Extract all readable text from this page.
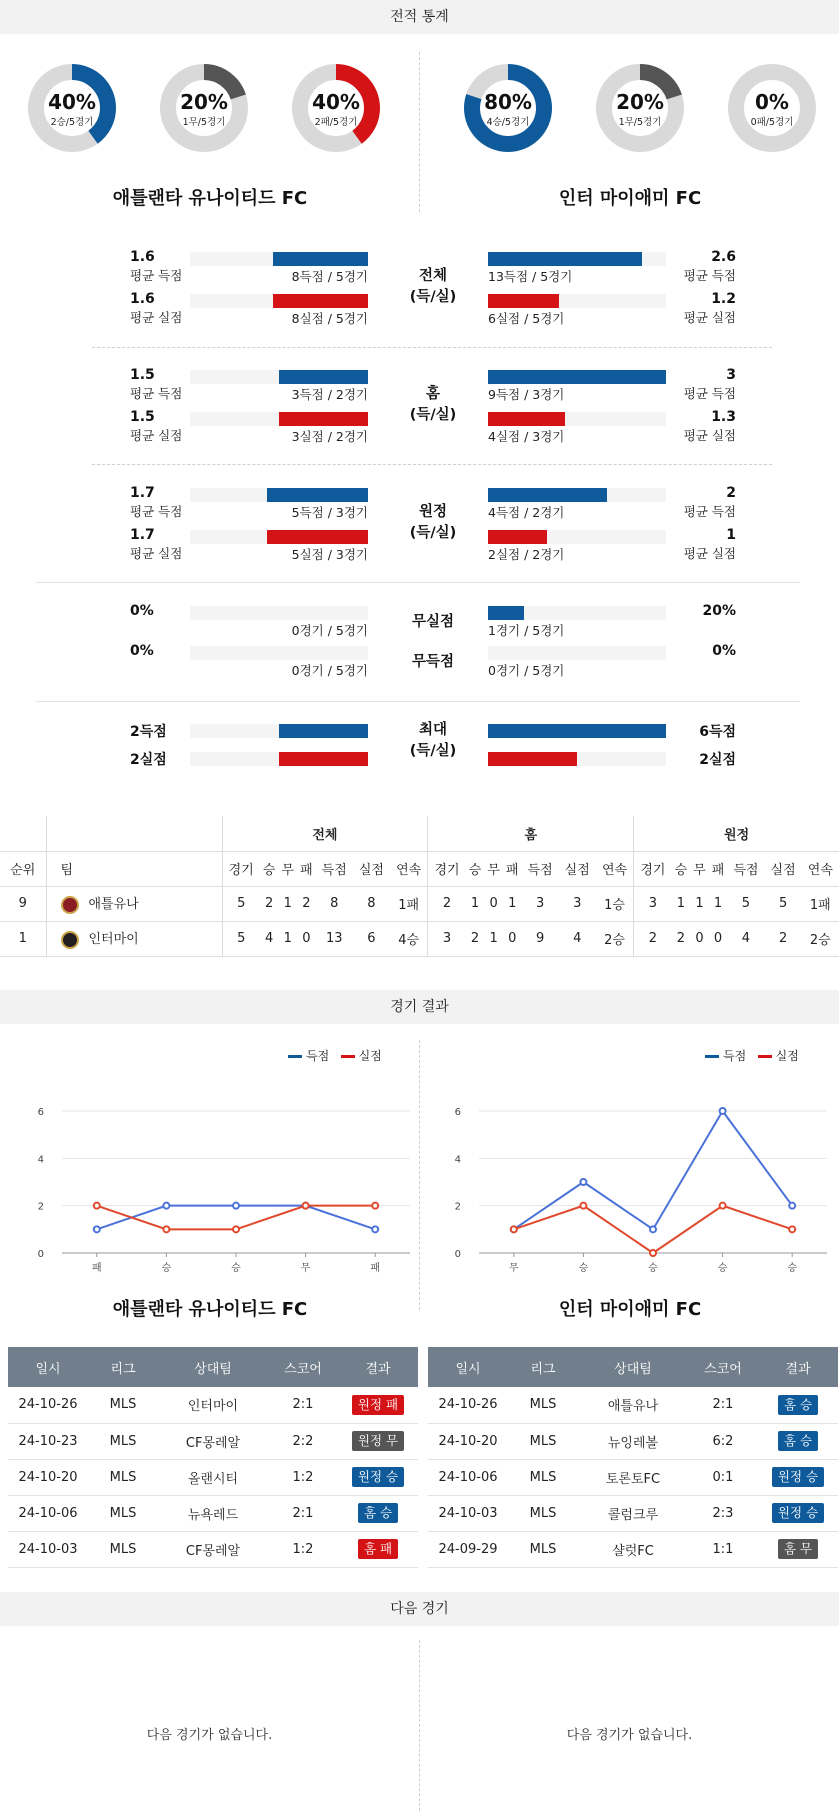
전적 통계
40%
2승/5경기
20%
1무/5경기
40%
2패/5경기
80%
4승/5경기
20%
1무/5경기
0%
0패/5경기
애틀랜타 유나이티드 FC	인터 마이애미 FC
1.6
평균 득점	8득점 / 5경기
1.6
평균 실점	8실점 / 5경기
2.6
평균 득점
13득점 / 5경기
1.2
평균 실점
6실점 / 5경기
전체
(득/실)
1.5
평균 득점	3득점 / 2경기
1.5
평균 실점	3실점 / 2경기
3
평균 득점
9득점 / 3경기
1.3
평균 실점
4실점 / 3경기
홈
(득/실)
1.7
평균 득점	5득점 / 3경기
1.7
평균 실점	5실점 / 3경기
2
평균 득점
4득점 / 2경기
1
평균 실점
2실점 / 2경기
원정
(득/실)
0%
0경기 / 5경기
20%
1경기 / 5경기
무실점
0%
0경기 / 5경기
0%
0경기 / 5경기
무득점
2득점
2실점
6득점
2실점
최대
(득/실)
		전체							홈							원정						
순위	팀	경기	승	무	패	득점	실점	연속	경기	승	무	패	득점	실점	연속	경기	승	무	패	득점	실점	연속
9	애틀유나	5	2	1	2	8	8	1패	2	1	0	1	3	3	1승	3	1	1	1	5	5	1패
1	인터마이	5	4	1	0	13	6	4승	3	2	1	0	9	4	2승	2	2	0	0	4	2	2승
경기 결과
득점 실점	득점 실점
0
2
4
6
패	승	승	무	패
0
2
4
6
무	승	승	승	승
애틀랜타 유나이티드 FC	인터 마이애미 FC
일시	리그	상대팀	스코어	결과
24-10-26	MLS	인터마이	2:1	원정 패
24-10-23	MLS	CF몽레알	2:2	원정 무
24-10-20	MLS	올랜시티	1:2	원정 승
24-10-06	MLS	뉴욕레드	2:1	홈 승
24-10-03	MLS	CF몽레알	1:2	홈 패
일시	리그	상대팀	스코어	결과
24-10-26	MLS	애틀유나	2:1	홈 승
24-10-20	MLS	뉴잉레볼	6:2	홈 승
24-10-06	MLS	토론토FC	0:1	원정 승
24-10-03	MLS	콜럼크루	2:3	원정 승
24-09-29	MLS	샬럿FC	1:1	홈 무
다음 경기
다음 경기가 없습니다.	다음 경기가 없습니다.
